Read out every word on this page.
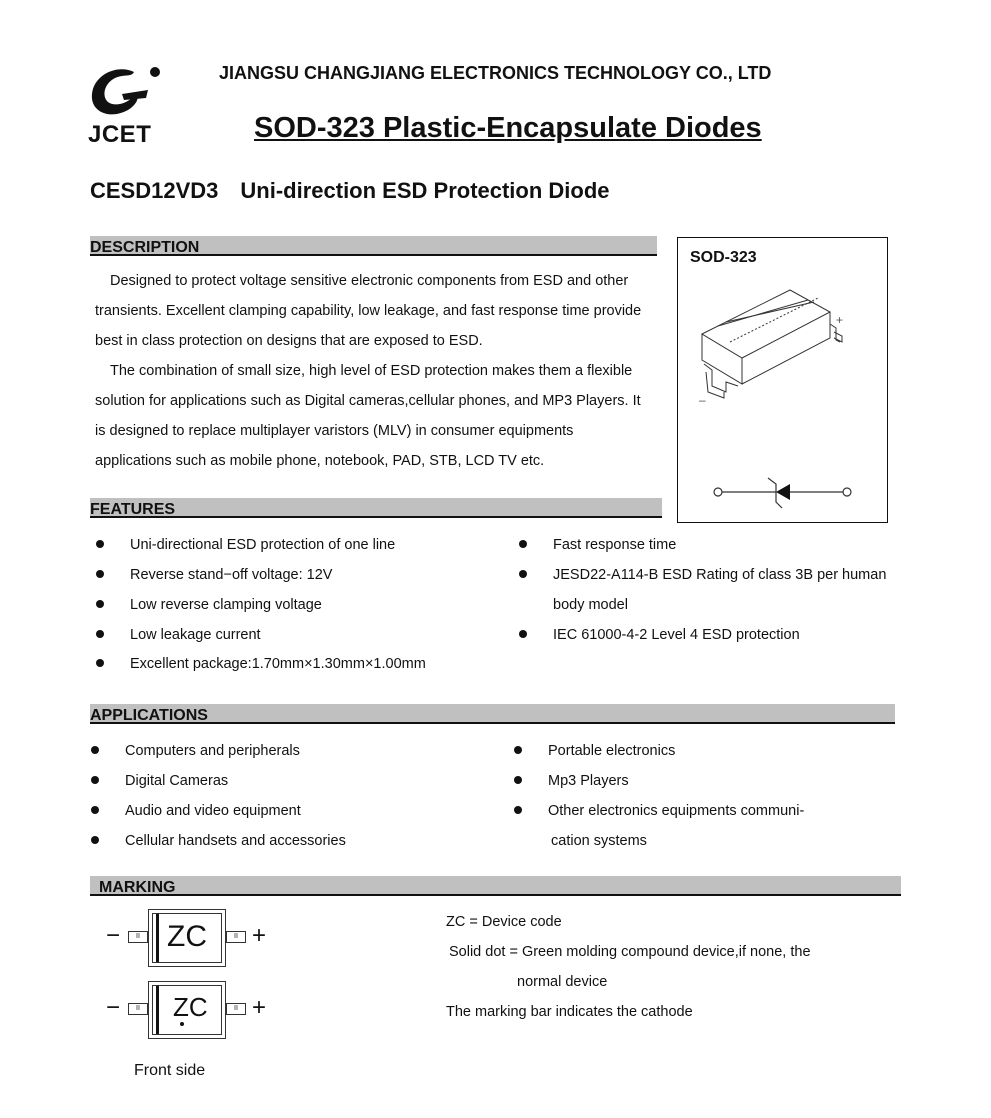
JCET
JIANGSU CHANGJIANG ELECTRONICS TECHNOLOGY CO., LTD
SOD-323 Plastic-Encapsulate Diodes
CESD12VD3 Uni-direction ESD Protection Diode
DESCRIPTION
Designed to protect voltage sensitive electronic components from ESD and other
transients. Excellent clamping capability, low leakage, and fast response time provide
best in class protection on designs that are exposed to ESD.
The combination of small size, high level of ESD protection makes them a flexible
solution for applications such as Digital cameras,cellular phones, and MP3 Players. It
is designed to replace multiplayer varistors (MLV) in consumer equipments
applications such as mobile phone, notebook, PAD, STB, LCD TV etc.
SOD-323
+
–
FEATURES
Uni-directional ESD protection of one line
Reverse stand−off voltage: 12V
Low reverse clamping voltage
Low leakage current
Excellent package:1.70mm×1.30mm×1.00mm
Fast response time
JESD22-A114-B ESD Rating of class 3B per human
body model
IEC 61000-4-2 Level 4 ESD protection
APPLICATIONS
Computers and peripherals
Digital Cameras
Audio and video equipment
Cellular handsets and accessories
Portable electronics
Mp3 Players
Other electronics equipments communi-
cation systems
MARKING
−	II ZC	II +
−	II	ZC	II +
Front side
ZC = Device code
Solid dot = Green molding compound device,if none, the
normal device
The marking bar indicates the cathode
